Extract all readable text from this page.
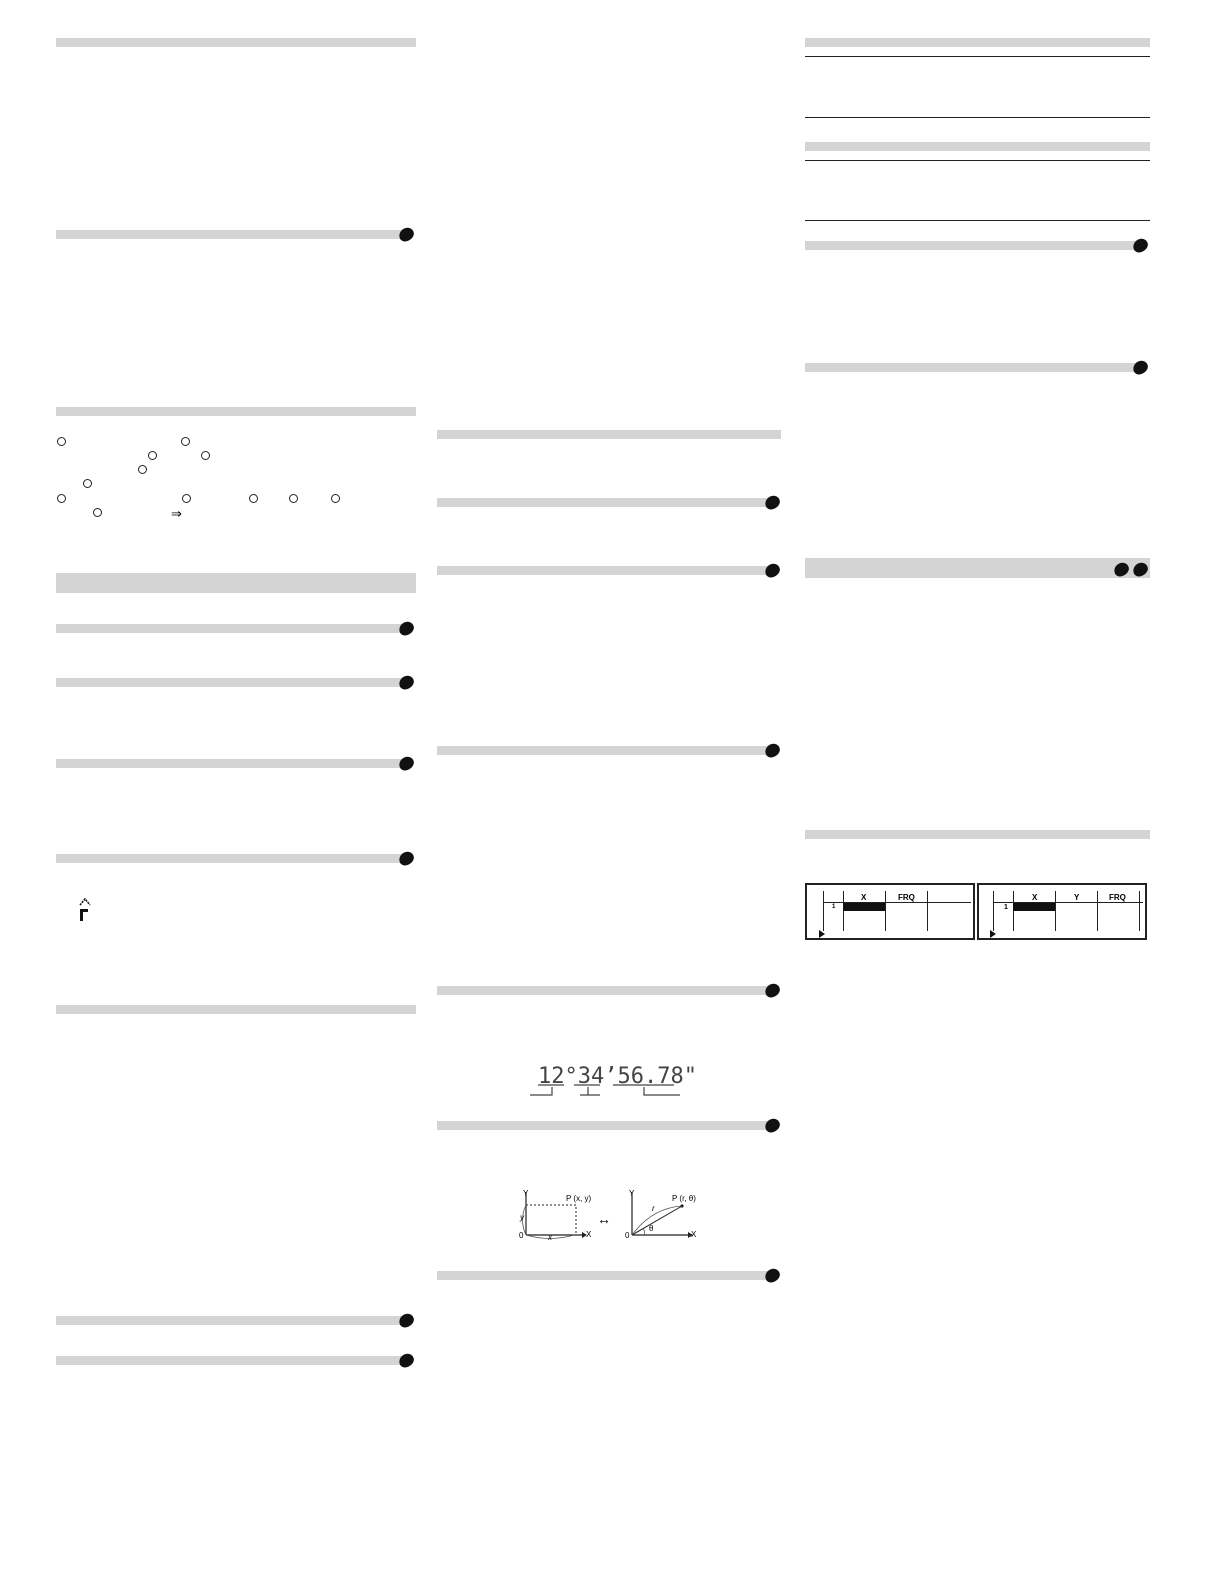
⇒
12°34’56.78"
Y
X
0
P (x, y)
x
y	↔
Y
X
0
P (r, θ)
r
θ
X	FRQ
1
X	Y	FRQ
1
